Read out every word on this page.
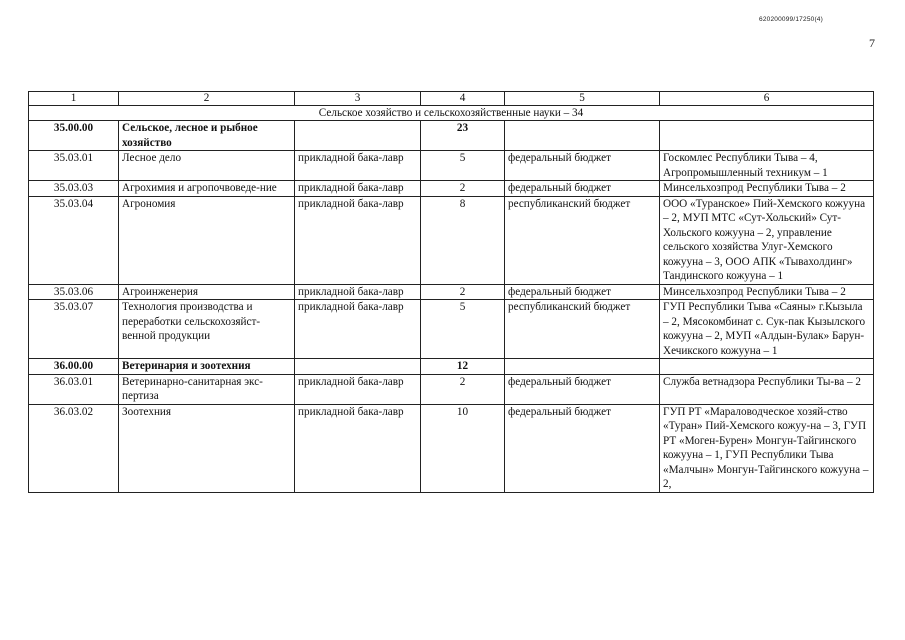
620200099/17250(4)
7
1	2	3	4	5	6
Сельское хозяйство и сельскохозяйственные науки – 34					
35.00.00	Сельское, лесное и рыбное хозяйство		23		
35.03.01	Лесное дело	прикладной бака-лавр	5	федеральный бюджет	Госкомлес Республики Тыва – 4, Агропромышленный техникум – 1
35.03.03	Агрохимия и агропочвоведе-ние	прикладной бака-лавр	2	федеральный бюджет	Минсельхозпрод Республики Тыва – 2
35.03.04	Агрономия	прикладной бака-лавр	8	республиканский бюджет	ООО «Туранское» Пий-Хемского кожууна – 2, МУП МТС «Сут-Хольский» Сут-Хольского кожууна – 2, управление сельского хозяйства Улуг-Хемского кожууна – 3, ООО АПК «Тывахолдинг» Тандинского кожууна – 1
35.03.06	Агроинженерия	прикладной бака-лавр	2	федеральный бюджет	Минсельхозпрод Республики Тыва – 2
35.03.07	Технология производства и переработки сельскохозяйст-венной продукции	прикладной бака-лавр	5	республиканский бюджет	ГУП Республики Тыва «Саяны» г.Кызыла – 2, Мясокомбинат с. Сук-пак Кызылского кожууна – 2, МУП «Алдын-Булак» Барун-Хечикского кожууна – 1
36.00.00	Ветеринария и зоотехния		12		
36.03.01	Ветеринарно-санитарная экс-пертиза	прикладной бака-лавр	2	федеральный бюджет	Служба ветнадзора Республики Ты-ва – 2
36.03.02	Зоотехния	прикладной бака-лавр	10	федеральный бюджет	ГУП РТ «Мараловодческое хозяй-ство «Туран» Пий-Хемского кожуу-на – 3, ГУП РТ «Моген-Бурен» Монгун-Тайгинского кожууна – 1, ГУП Республики Тыва «Малчын» Монгун-Тайгинского кожууна – 2,
